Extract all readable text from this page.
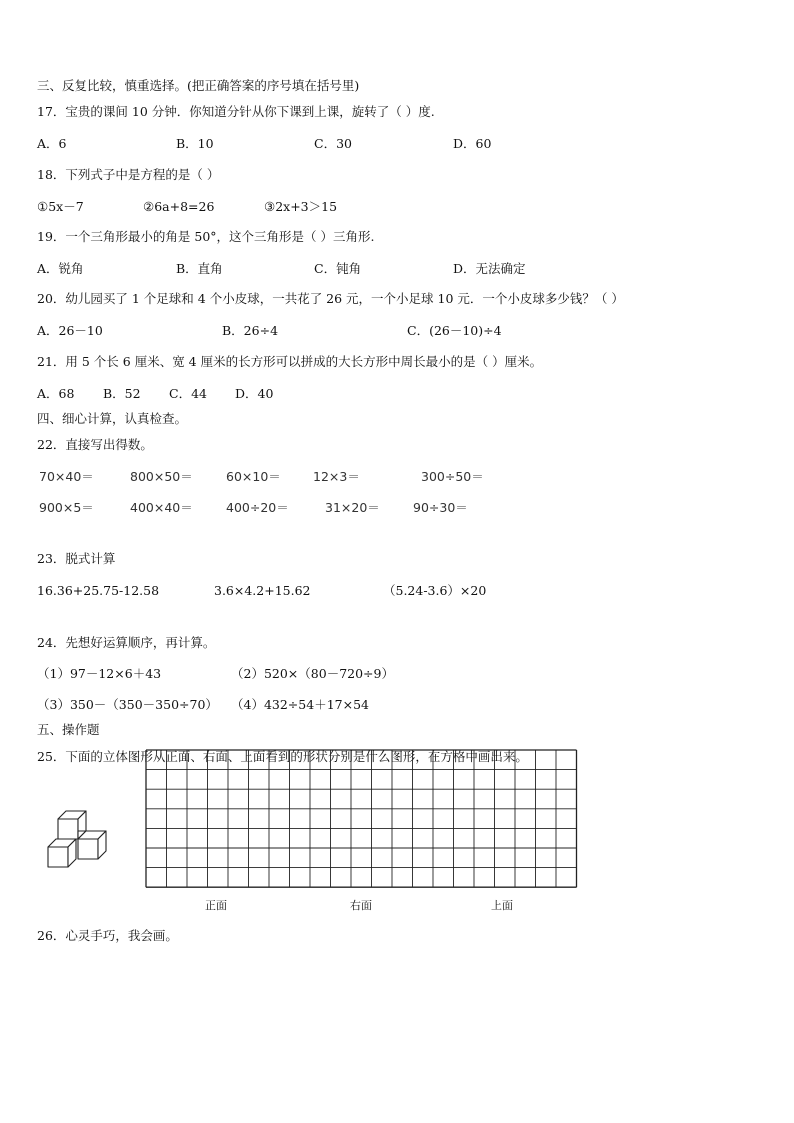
三、反复比较，慎重选择。(把正确答案的序号填在括号里)
17．宝贵的课间 10 分钟．你知道分针从你下课到上课，旋转了（ ）度.
A．6	B．10	C．30	D．60
18．下列式子中是方程的是（ ）
①5x－7	②6a+8=26	③2x+3＞15
19．一个三角形最小的角是 50°，这个三角形是（ ）三角形.
A．锐角	B．直角	C．钝角	D．无法确定
20．幼儿园买了 1 个足球和 4 个小皮球，一共花了 26 元，一个小足球 10 元．一个小皮球多少钱？（ ）
A．26－10	B．26÷4	C．(26－10)÷4
21．用 5 个长 6 厘米、宽 4 厘米的长方形可以拼成的大长方形中周长最小的是（ ）厘米。
A．68 B．52 C．44 D．40
四、细心计算，认真检查。
22．直接写出得数。
70×40＝	800×50＝	60×10＝	12×3＝	300÷50＝
900×5＝	400×40＝	400÷20＝	31×20＝	90÷30＝
23．脱式计算
16.36+25.75-12.58	3.6×4.2+15.62	（5.24-3.6）×20
24．先想好运算顺序，再计算。
（1）97－12×6＋43	（2）520×（80－720÷9）
（3）350－（350－350÷70） （4）432÷54＋17×54
五、操作题
25．下面的立体图形从正面、右面、上面看到的形状分别是什么图形，在方格中画出来。
正面	右面	上面
26．心灵手巧，我会画。
